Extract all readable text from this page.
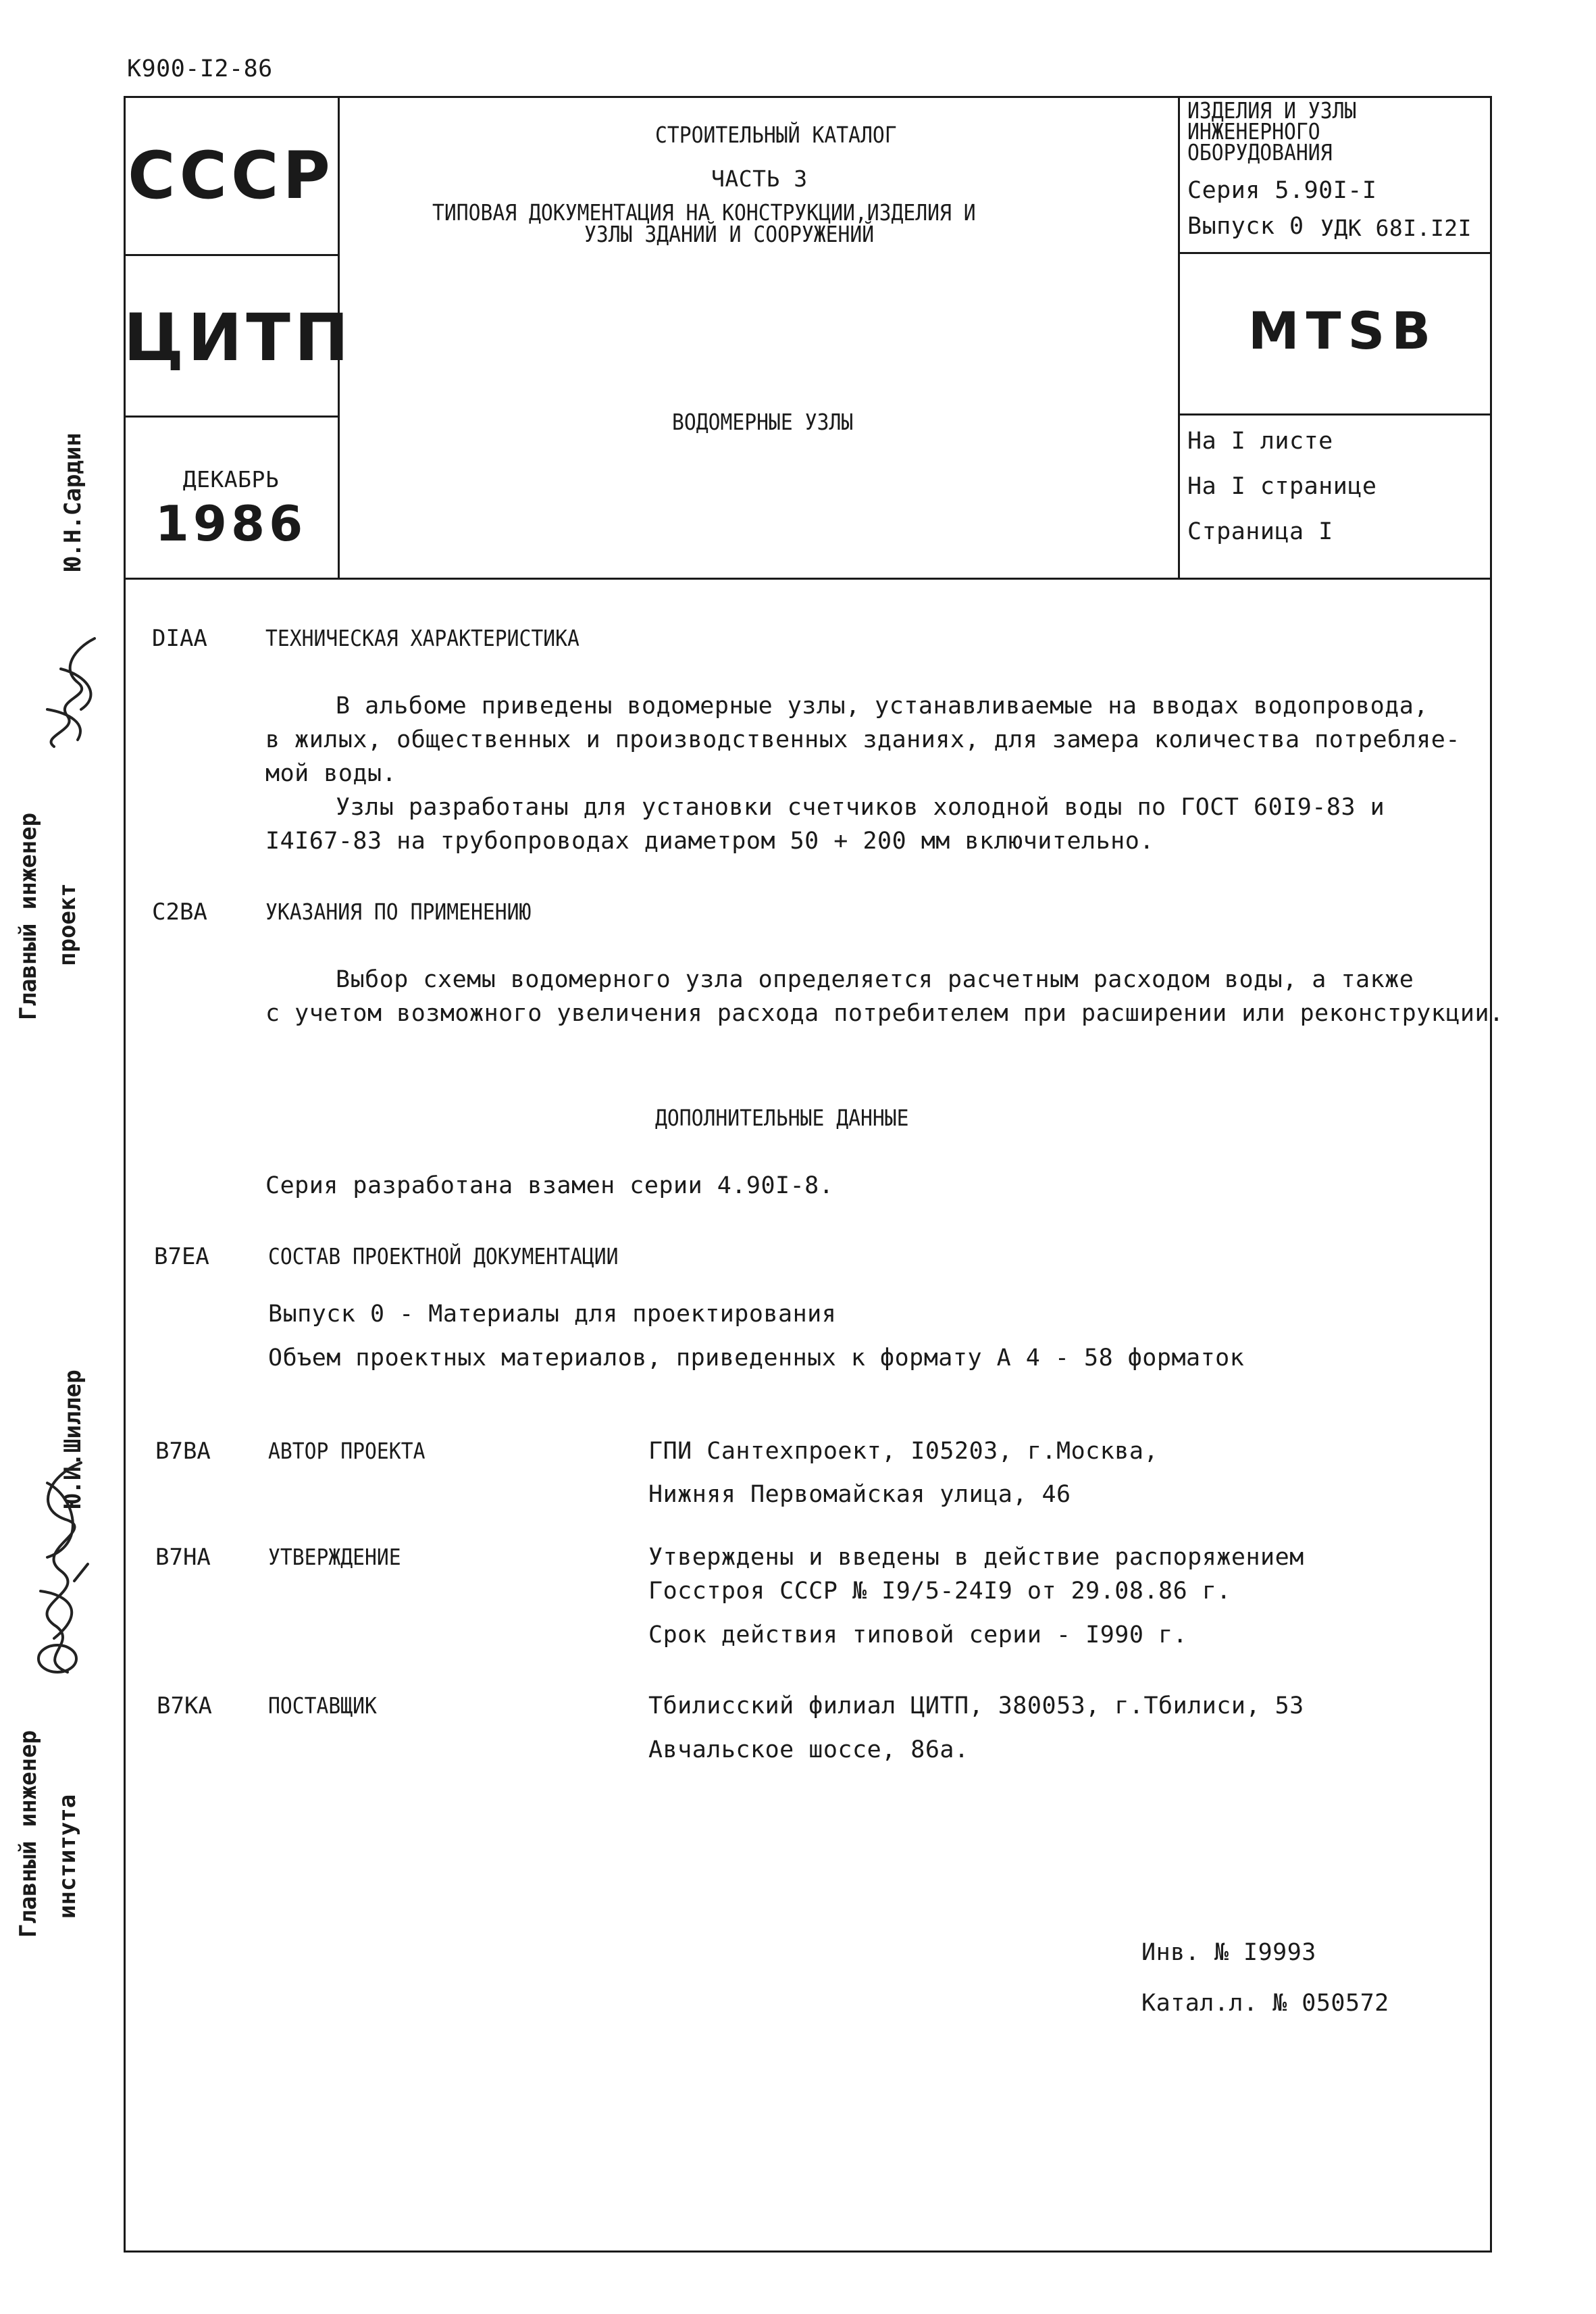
К900-I2-86
СССР
ЦИТП
ДЕКАБРЬ
1986
СТРОИТЕЛЬНЫЙ КАТАЛОГ
ЧАСТЬ 3
ТИПОВАЯ ДОКУМЕНТАЦИЯ НА КОНСТРУКЦИИ,ИЗДЕЛИЯ И
УЗЛЫ ЗДАНИЙ И СООРУЖЕНИЙ
ВОДОМЕРНЫЕ УЗЛЫ
ИЗДЕЛИЯ И УЗЛЫ
ИНЖЕНЕРНОГО
ОБОРУДОВАНИЯ
Серия 5.90I-I
Выпуск 0 УДК 68I.I2I
MTSB
На I листе
На I странице
Страница I
Ю.Н.Сардин
Главный инженер проект
Ю.И.Шиллер
Главный инженер института
DIAA	ТЕХНИЧЕСКАЯ ХАРАКТЕРИСТИКА
В альбоме приведены водомерные узлы, устанавливаемые на вводах водопровода,
в жилых, общественных и производственных зданиях, для замера количества потребляе-
мой воды.
Узлы разработаны для установки счетчиков холодной воды по ГОСТ 60I9-83 и
I4I67-83 на трубопроводах диаметром 50 + 200 мм включительно.
C2BA	УКАЗАНИЯ ПО ПРИМЕНЕНИЮ
Выбор схемы водомерного узла определяется расчетным расходом воды, а также
с учетом возможного увеличения расхода потребителем при расширении или реконструкции.
ДОПОЛНИТЕЛЬНЫЕ ДАННЫЕ
Серия разработана взамен серии 4.90I-8.
B7EA	СОСТАВ ПРОЕКТНОЙ ДОКУМЕНТАЦИИ
Выпуск 0 - Материалы для проектирования
Объем проектных материалов, приведенных к формату А 4 - 58 форматок
B7BA	АВТОР ПРОЕКТА	ГПИ Сантехпроект, I05203, г.Москва,
Нижняя Первомайская улица, 46
B7HA	УТВЕРЖДЕНИЕ	Утверждены и введены в действие распоряжением
Госстроя СССР № I9/5-24I9 от 29.08.86 г.
Срок действия типовой серии - I990 г.
B7KA	ПОСТАВЩИК	Тбилисский филиал ЦИТП, 380053, г.Тбилиси, 53
Авчальское шоссе, 86а.
Инв. № I9993
Катал.л. № 050572
